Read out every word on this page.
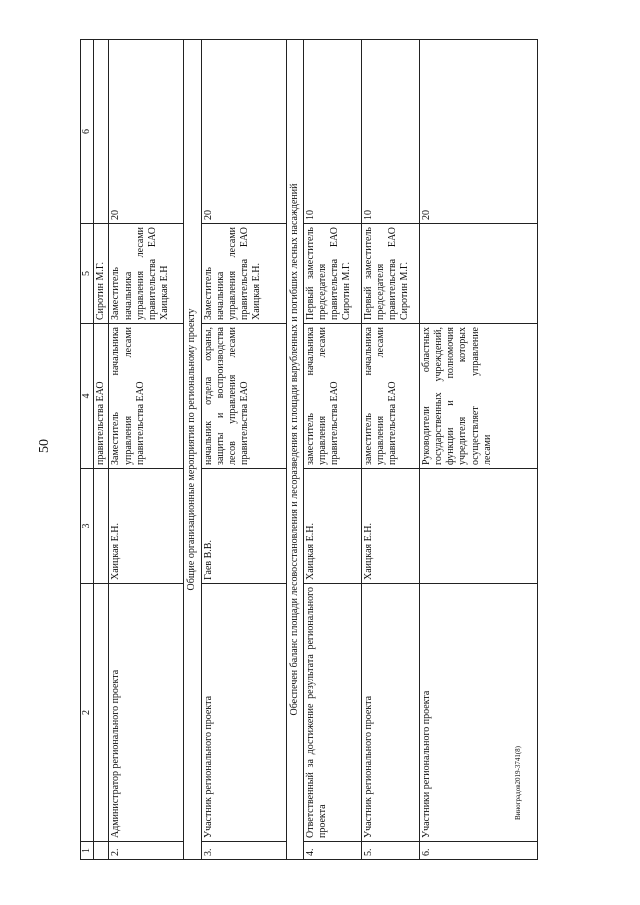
50
Виноградов2019-3741(8)
1	2	3	4	5	6
			правительства ЕАО	Сиротин М.Г.	
2.	Администратор регионального проекта	Хаицкая Е.Н.	Заместитель начальника управления лесами правительства ЕАО	Заместитель начальника управления лесами правительства ЕАО Хаицкая Е.Н	20
Общие организационные мероприятия по региональному проекту					
3.	Участник регионального проекта	Гаев В.В.	начальник отдела охраны, защиты и воспроизводства лесов управления лесами правительства ЕАО	Заместитель начальника управления лесами правительства ЕАО Хаицкая Е.Н.	20
Обеспечен баланс площади лесовосстановления и лесоразведения к площади вырубленных и погибших лесных насаждений					
4.	Ответственный за достижение результата регионального проекта	Хаицкая Е.Н.	заместитель начальника управления лесами правительства ЕАО	Первый заместитель председателя правительства ЕАО Сиротин М.Г.	10
5.	Участник регионального проекта	Хаицкая Е.Н.	заместитель начальника управления лесами правительства ЕАО	Первый заместитель председателя правительства ЕАО Сиротин М.Г.	10
6.	Участники регионального проекта		Руководители областных государственных учреждений, функции и полномочия учредителя которых осуществляет управление лесами		20
